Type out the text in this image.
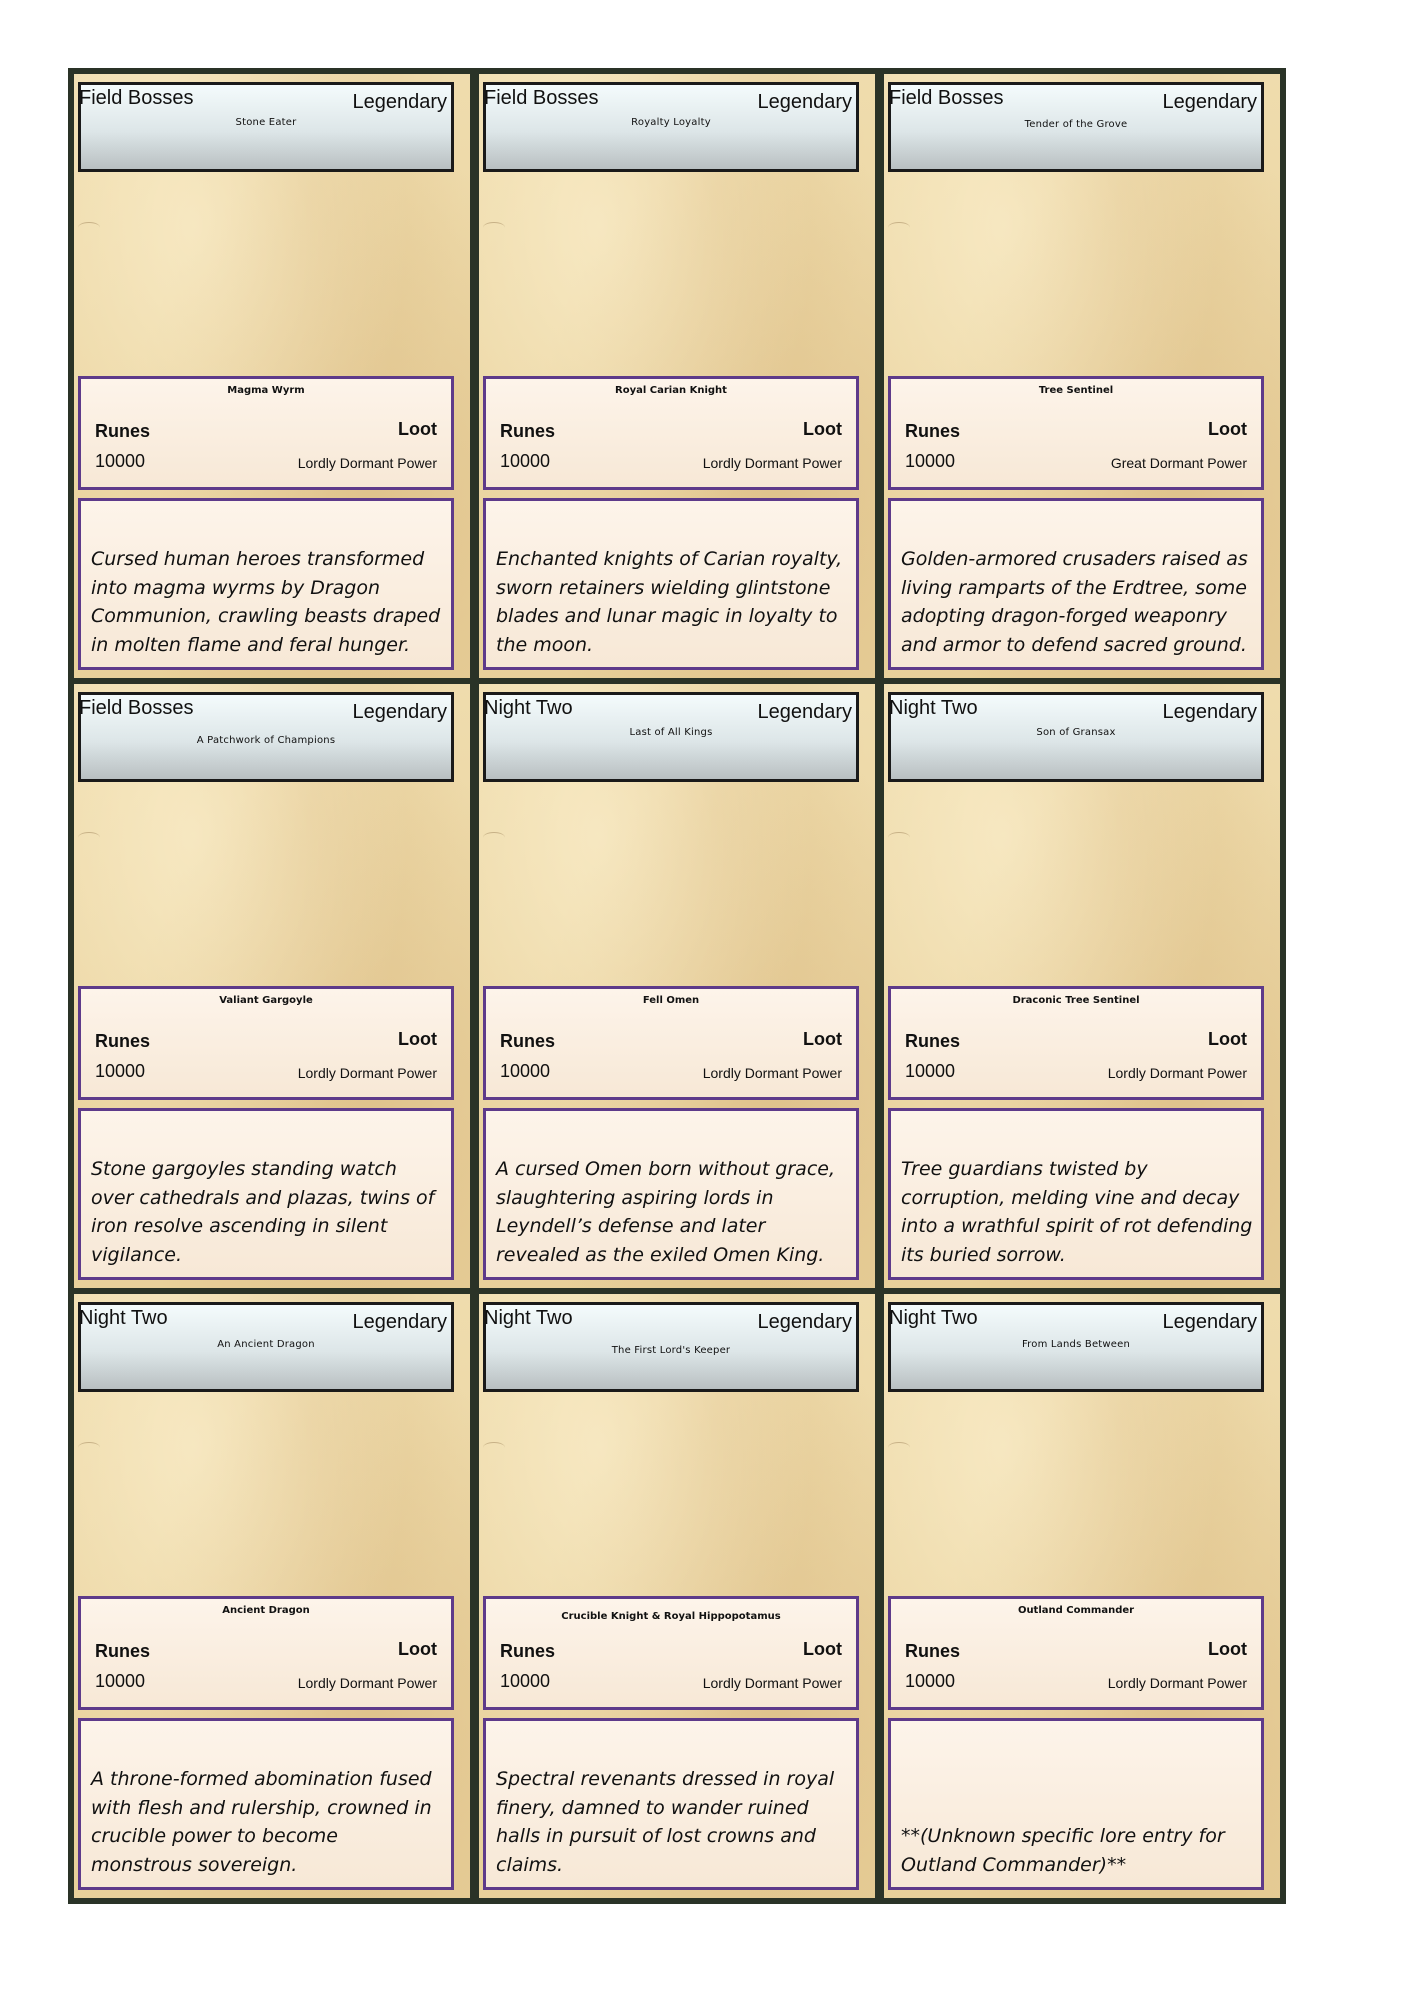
Field Bosses	Legendary
Stone Eater
Magma Wyrm
Runes	Loot
10000	Lordly Dormant Power
Cursed human heroes transformed into magma wyrms by Dragon Communion, crawling beasts draped in molten flame and feral hunger.
Field Bosses	Legendary
Royalty Loyalty
Royal Carian Knight
Runes	Loot
10000	Lordly Dormant Power
Enchanted knights of Carian royalty, sworn retainers wielding glintstone blades and lunar magic in loyalty to the moon.
Field Bosses	Legendary
Tender of the Grove
Tree Sentinel
Runes	Loot
10000	Great Dormant Power
Golden-armored crusaders raised as living ramparts of the Erdtree, some adopting dragon-forged weaponry and armor to defend sacred ground.
Field Bosses	Legendary
A Patchwork of Champions
Valiant Gargoyle
Runes	Loot
10000	Lordly Dormant Power
Stone gargoyles standing watch over cathedrals and plazas, twins of iron resolve ascending in silent vigilance.
Night Two	Legendary
Last of All Kings
Fell Omen
Runes	Loot
10000	Lordly Dormant Power
A cursed Omen born without grace, slaughtering aspiring lords in Leyndell’s defense and later revealed as the exiled Omen King.
Night Two	Legendary
Son of Gransax
Draconic Tree Sentinel
Runes	Loot
10000	Lordly Dormant Power
Tree guardians twisted by corruption, melding vine and decay into a wrathful spirit of rot defending its buried sorrow.
Night Two	Legendary
An Ancient Dragon
Ancient Dragon
Runes	Loot
10000	Lordly Dormant Power
A throne-formed abomination fused with flesh and rulership, crowned in crucible power to become monstrous sovereign.
Night Two	Legendary
The First Lord's Keeper
Crucible Knight & Royal Hippopotamus
Runes	Loot
10000	Lordly Dormant Power
Spectral revenants dressed in royal finery, damned to wander ruined halls in pursuit of lost crowns and claims.
Night Two	Legendary
From Lands Between
Outland Commander
Runes	Loot
10000	Lordly Dormant Power
**(Unknown specific lore entry for Outland Commander)**
